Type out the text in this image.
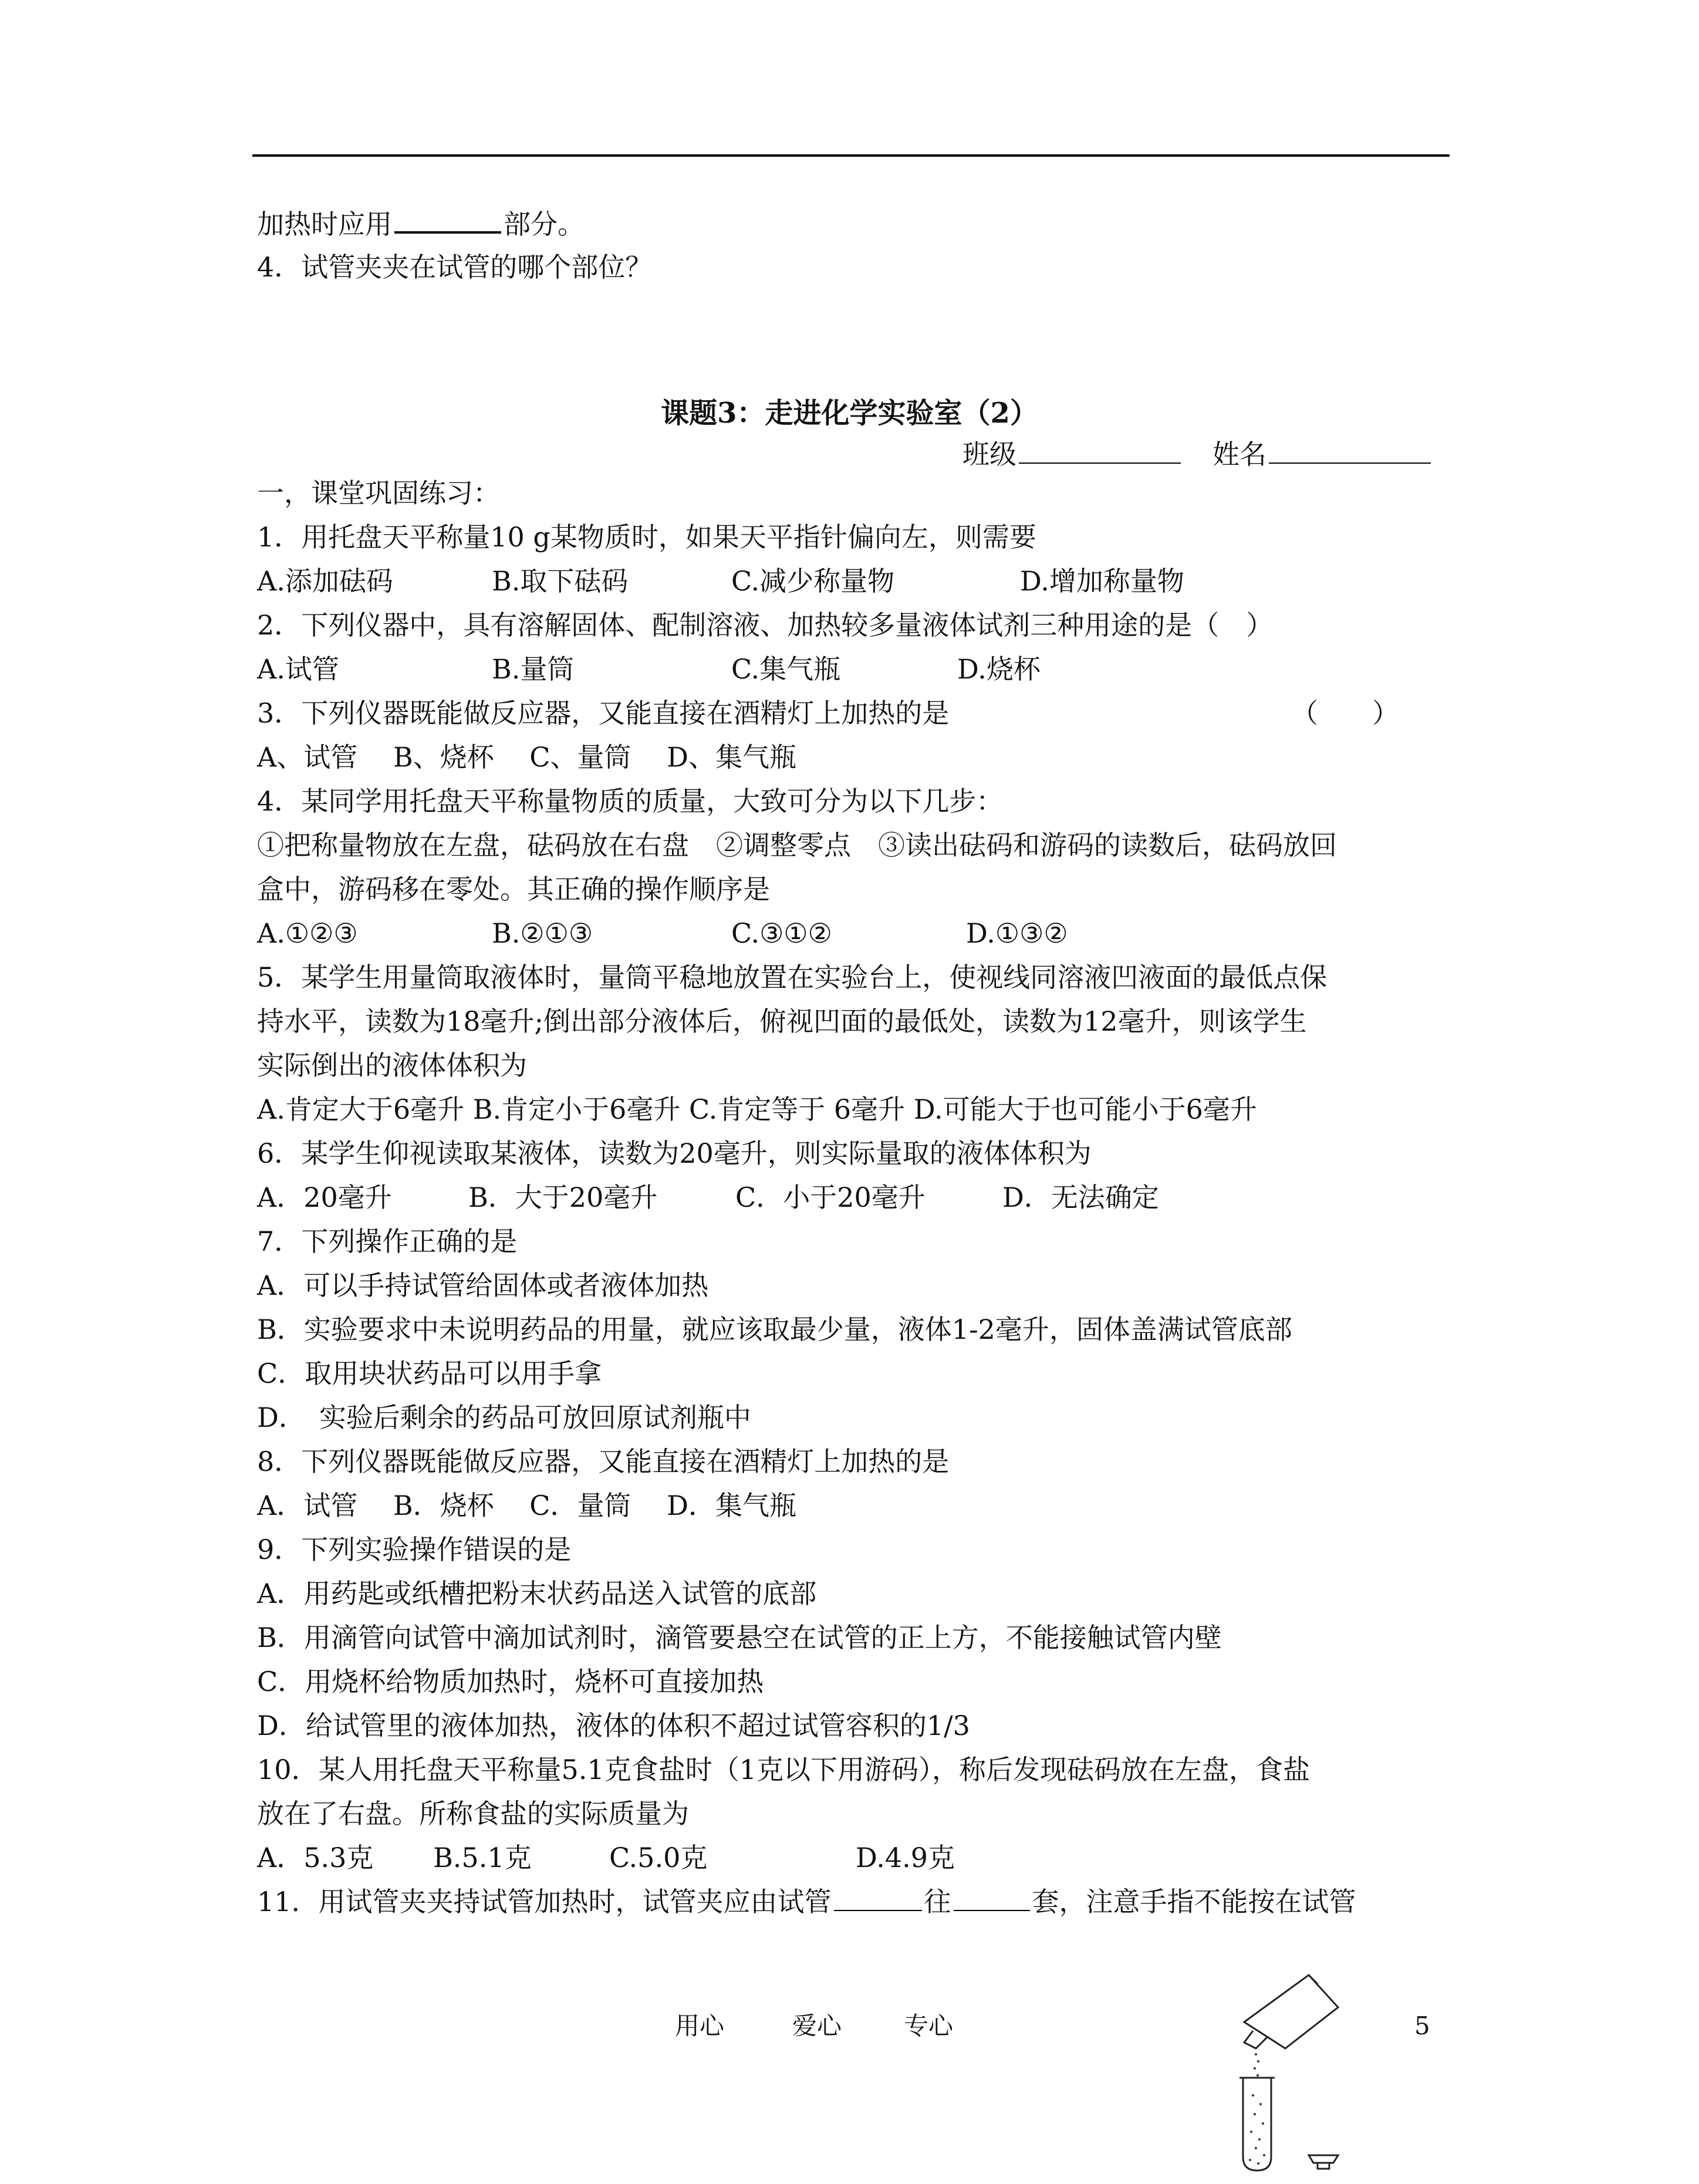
加热时应用	部分。
4．试管夹夹在试管的哪个部位？
课题3：走进化学实验室（2）
班级	姓名
一，课堂巩固练习：
1．用托盘天平称量10 g某物质时，如果天平指针偏向左，则需要
A.添加砝码	B.取下砝码	C.减少称量物	D.增加称量物
2．下列仪器中，具有溶解固体、配制溶液、加热较多量液体试剂三种用途的是（　）
A.试管	B.量筒	C.集气瓶	D.烧杯
3．下列仪器既能做反应器，又能直接在酒精灯上加热的是	（　　）
A、试管　 B、烧杯　 C、量筒　 D、集气瓶
4．某同学用托盘天平称量物质的质量，大致可分为以下几步：
①把称量物放在左盘，砝码放在右盘　②调整零点　③读出砝码和游码的读数后，砝码放回
盒中，游码移在零处。其正确的操作顺序是
A.①②③	B.②①③	C.③①②	D.①③②
5．某学生用量筒取液体时，量筒平稳地放置在实验台上，使视线同溶液凹液面的最低点保
持水平，读数为18毫升;倒出部分液体后，俯视凹面的最低处，读数为12毫升，则该学生
实际倒出的液体体积为
A.肯定大于6毫升 B.肯定小于6毫升 C.肯定等于 6毫升 D.可能大于也可能小于6毫升
6．某学生仰视读取某液体，读数为20毫升，则实际量取的液体体积为
A．20毫升	B．大于20毫升	C．小于20毫升	D．无法确定
7．下列操作正确的是
A．可以手持试管给固体或者液体加热
B．实验要求中未说明药品的用量，就应该取最少量，液体1-2毫升，固体盖满试管底部
C．取用块状药品可以用手拿
D．　实验后剩余的药品可放回原试剂瓶中
8．下列仪器既能做反应器，又能直接在酒精灯上加热的是
A．试管　 B．烧杯　 C．量筒　 D．集气瓶
9．下列实验操作错误的是
A．用药匙或纸槽把粉末状药品送入试管的底部
B．用滴管向试管中滴加试剂时，滴管要悬空在试管的正上方，不能接触试管内壁
C．用烧杯给物质加热时，烧杯可直接加热
D．给试管里的液体加热，液体的体积不超过试管容积的1/3
10．某人用托盘天平称量5.1克食盐时（1克以下用游码），称后发现砝码放在左盘，食盐
放在了右盘。所称食盐的实际质量为
A．5.3克 B.5.1克	C.5.0克	D.4.9克
11．用试管夹夹持试管加热时，试管夹应由试管	往	套，注意手指不能按在试管
用心	爱心	专心	5
